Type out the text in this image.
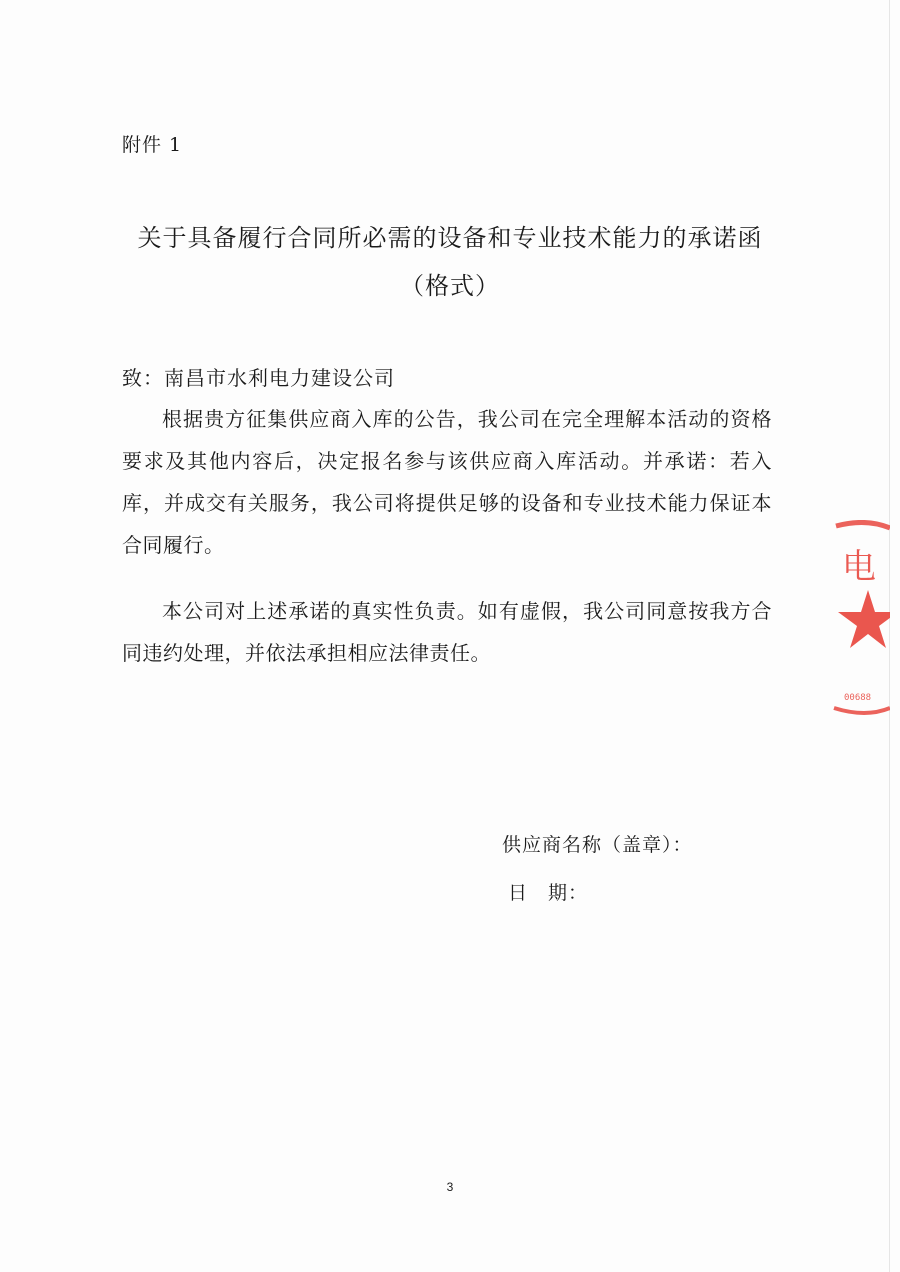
附件 1
关于具备履行合同所必需的设备和专业技术能力的承诺函
（格式）
致：南昌市水利电力建设公司

根据贵方征集供应商入库的公告，我公司在完全理解本活动的资格要求及其他内容后，决定报名参与该供应商入库活动。并承诺：若入库，并成交有关服务，我公司将提供足够的设备和专业技术能力保证本合同履行。

本公司对上述承诺的真实性负责。如有虚假，我公司同意按我方合同违约处理，并依法承担相应法律责任。

供应商名称（盖章）：
日　期：
3
电
00688
